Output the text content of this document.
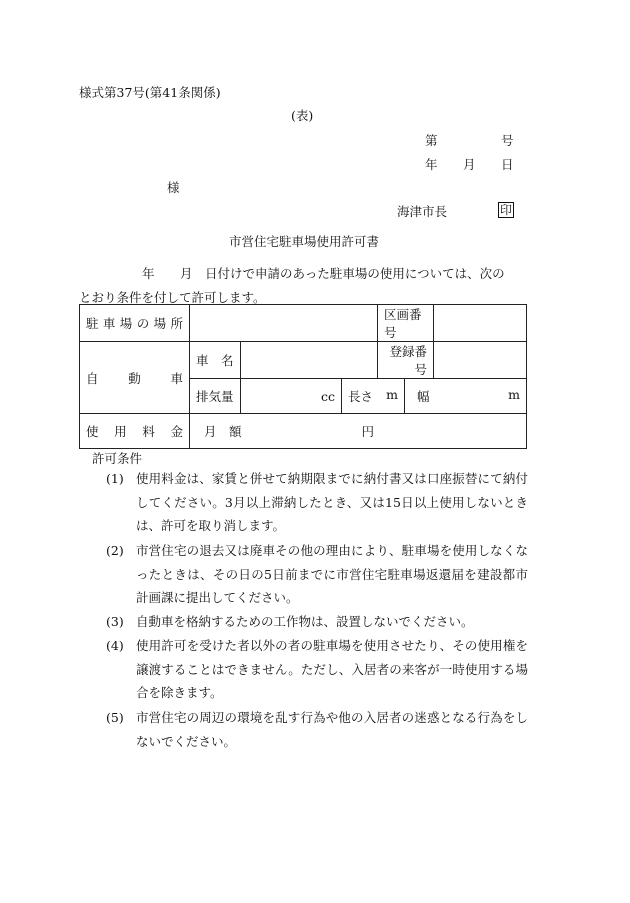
様式第37号(第41条関係)
(表)
第	号
年 月 日
様
海津市長	印
市営住宅駐車場使用許可書
年 月 日付けで申請のあった駐車場の使用については、次の
とおり条件を付して許可します。
駐車場の場所				区画番号		

自動車	車　名			登録番号		

	排気量	cc	長さ m		幅 m	

使用料金	月　額 円					
許可条件
(1) 使用料金は、家賃と併せて納期限までに納付書又は口座振替にて納付してください。3月以上滞納したとき、又は15日以上使用しないときは、許可を取り消します。
(2) 市営住宅の退去又は廃車その他の理由により、駐車場を使用しなくなったときは、その日の5日前までに市営住宅駐車場返還届を建設都市計画課に提出してください。
(3) 自動車を格納するための工作物は、設置しないでください。
(4) 使用許可を受けた者以外の者の駐車場を使用させたり、その使用権を譲渡することはできません。ただし、入居者の来客が一時使用する場合を除きます。
(5) 市営住宅の周辺の環境を乱す行為や他の入居者の迷惑となる行為をしないでください。
